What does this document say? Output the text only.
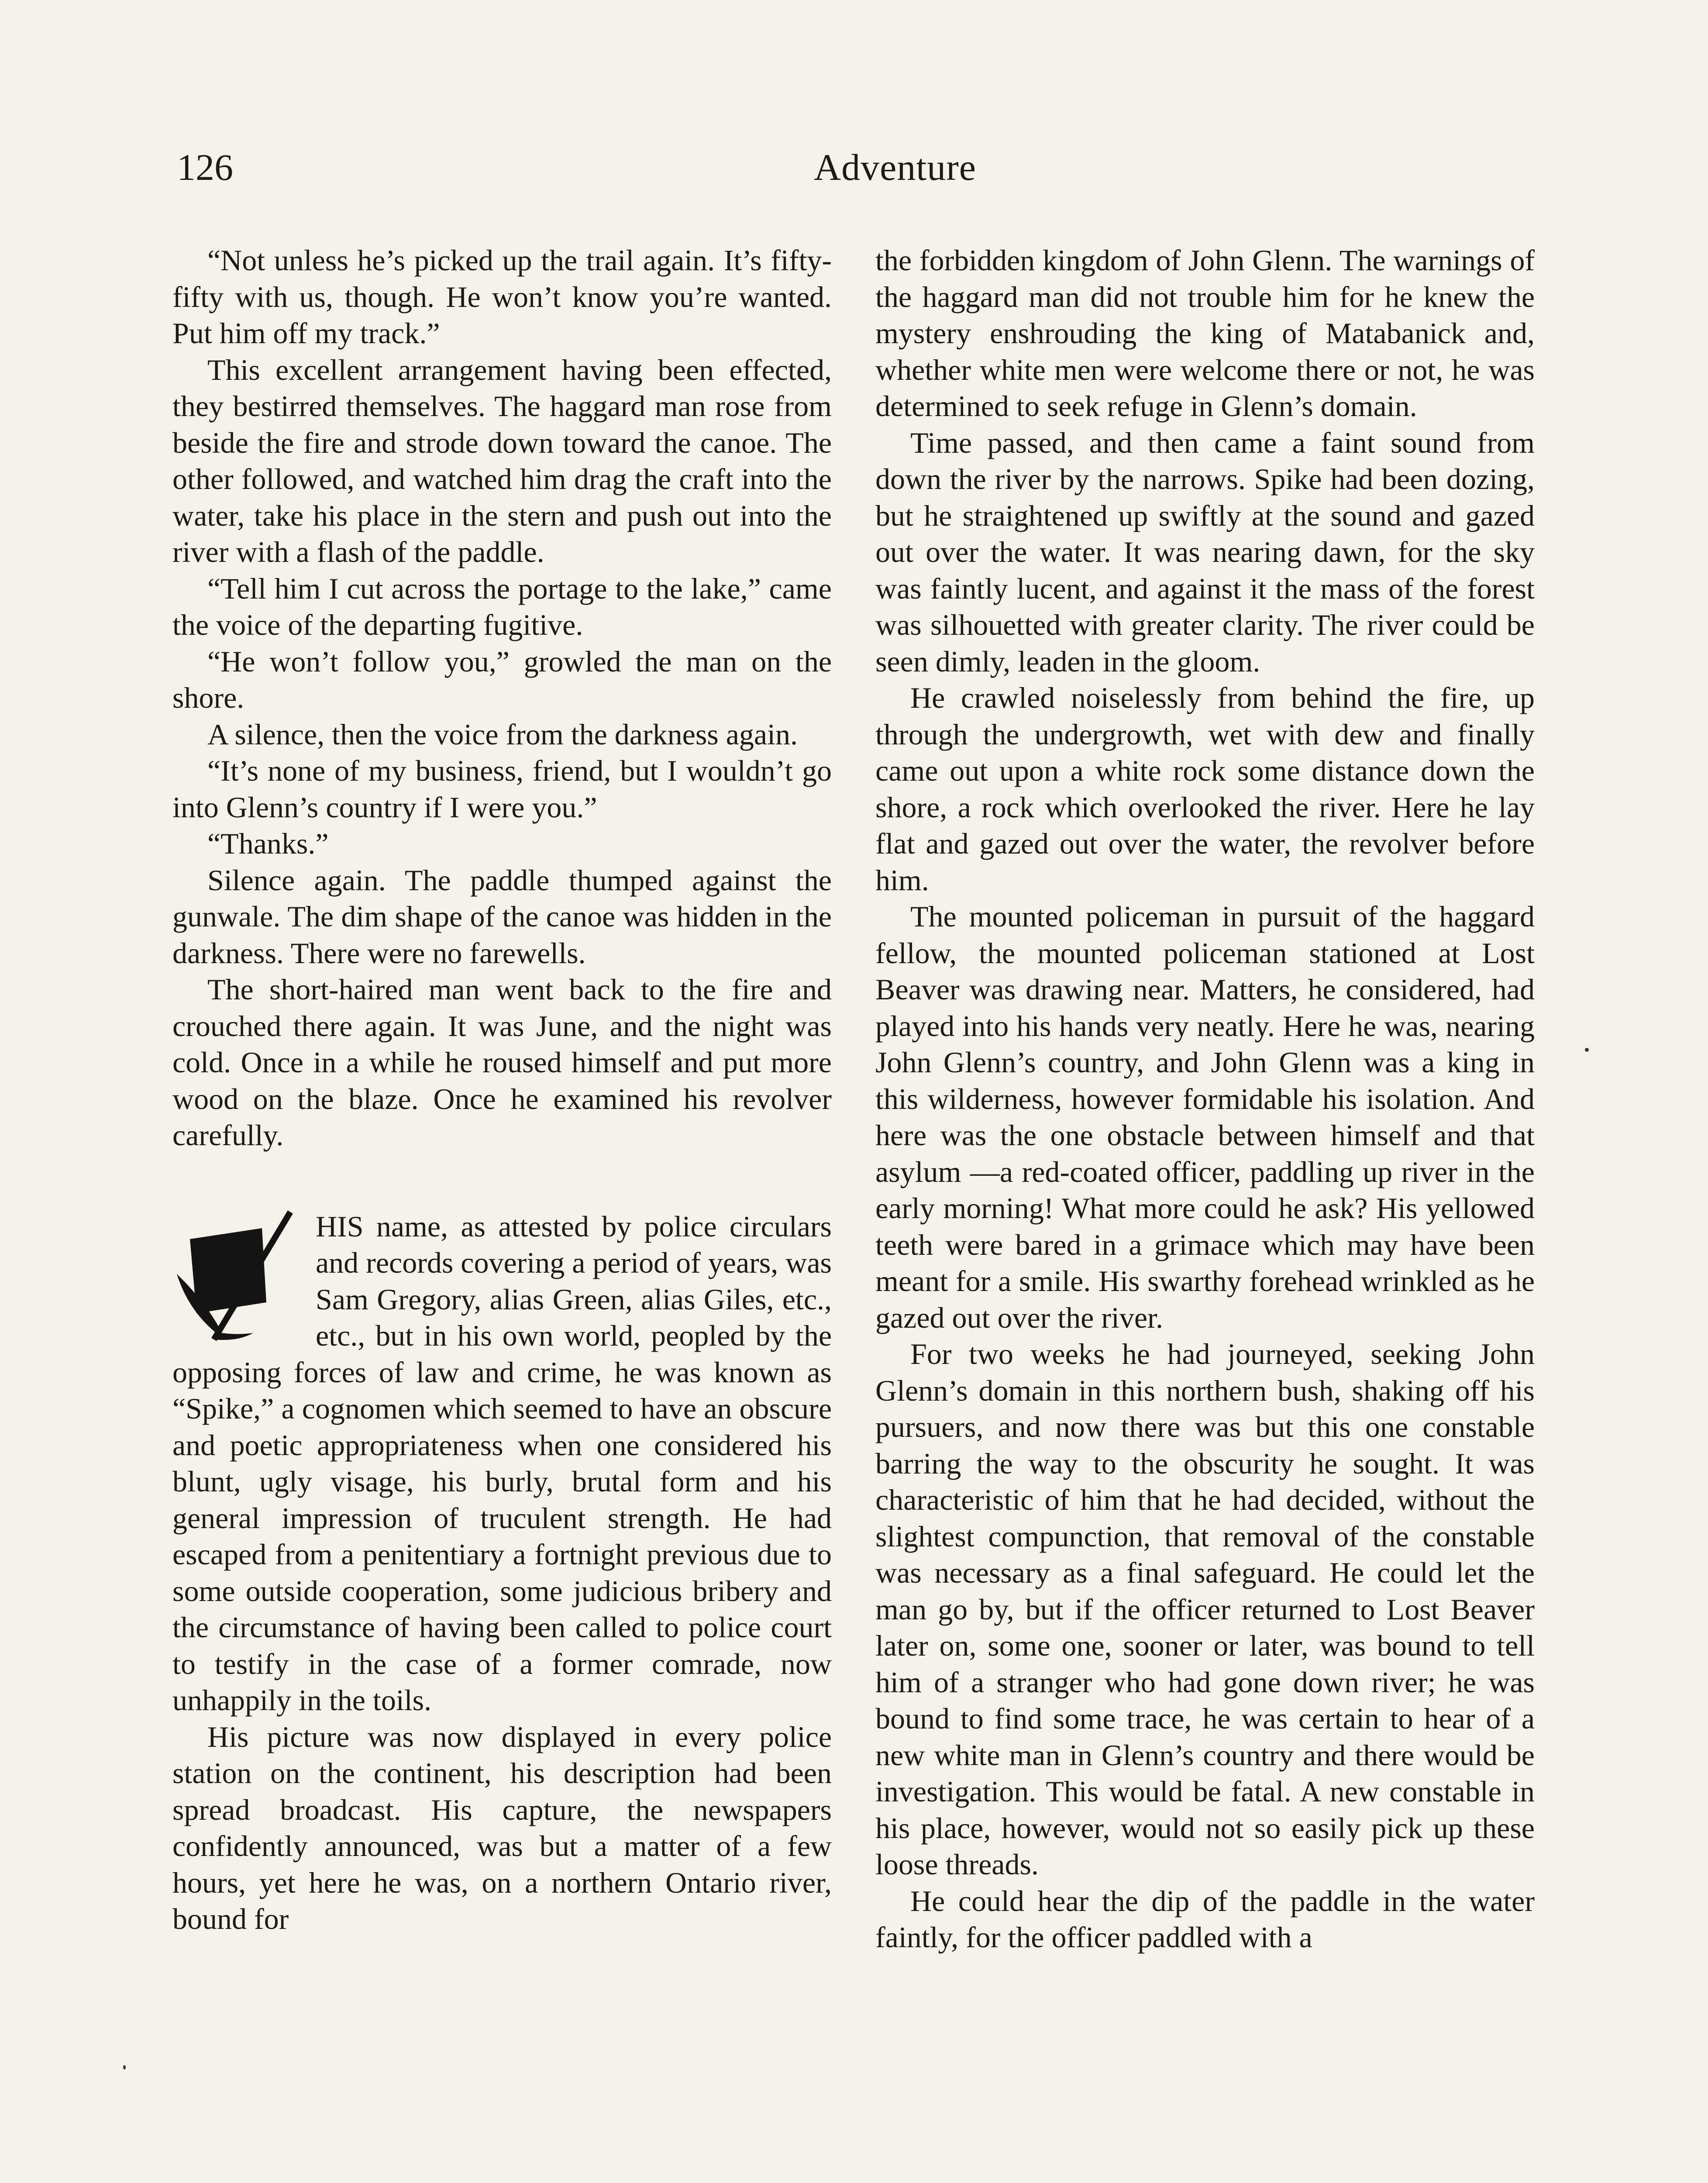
126	Adventure

“Not unless he’s picked up the trail again. It’s fifty-fifty with us, though. He won’t know you’re wanted. Put him off my track.”

This excellent arrangement having been effected, they bestirred themselves. The haggard man rose from beside the fire and strode down toward the canoe. The other followed, and watched him drag the craft into the water, take his place in the stern and push out into the river with a flash of the paddle.

“Tell him I cut across the portage to the lake,” came the voice of the departing fugitive.

“He won’t follow you,” growled the man on the shore.

A silence, then the voice from the darkness again.

“It’s none of my business, friend, but I wouldn’t go into Glenn’s country if I were you.”

“Thanks.”

Silence again. The paddle thumped against the gunwale. The dim shape of the canoe was hidden in the darkness. There were no farewells.

The short-haired man went back to the fire and crouched there again. It was June, and the night was cold. Once in a while he roused himself and put more wood on the blaze. Once he examined his revolver carefully.

HIS name, as attested by police circulars and records covering a period of years, was Sam Gregory, alias Green, alias Giles, etc., etc., but in his own world, peopled by the opposing forces of law and crime, he was known as “Spike,” a cognomen which seemed to have an obscure and poetic appropriateness when one considered his blunt, ugly visage, his burly, brutal form and his general impression of truculent strength. He had escaped from a penitentiary a fortnight previous due to some outside cooperation, some judicious bribery and the circumstance of having been called to police court to testify in the case of a former comrade, now unhappily in the toils.

His picture was now displayed in every police station on the continent, his description had been spread broadcast. His capture, the newspapers confidently announced, was but a matter of a few hours, yet here he was, on a northern Ontario river, bound for

the forbidden kingdom of John Glenn. The warnings of the haggard man did not trouble him for he knew the mystery enshrouding the king of Matabanick and, whether white men were welcome there or not, he was determined to seek refuge in Glenn’s domain.

Time passed, and then came a faint sound from down the river by the narrows. Spike had been dozing, but he straightened up swiftly at the sound and gazed out over the water. It was nearing dawn, for the sky was faintly lucent, and against it the mass of the forest was silhouetted with greater clarity. The river could be seen dimly, leaden in the gloom.

He crawled noiselessly from behind the fire, up through the undergrowth, wet with dew and finally came out upon a white rock some distance down the shore, a rock which overlooked the river. Here he lay flat and gazed out over the water, the revolver before him.

The mounted policeman in pursuit of the haggard fellow, the mounted policeman stationed at Lost Beaver was drawing near. Matters, he considered, had played into his hands very neatly. Here he was, nearing John Glenn’s country, and John Glenn was a king in this wilderness, however formidable his isolation. And here was the one obstacle between himself and that asylum —a red-coated officer, paddling up river in the early morning! What more could he ask? His yellowed teeth were bared in a grimace which may have been meant for a smile. His swarthy forehead wrinkled as he gazed out over the river.

For two weeks he had journeyed, seeking John Glenn’s domain in this northern bush, shaking off his pursuers, and now there was but this one constable barring the way to the obscurity he sought. It was characteristic of him that he had decided, without the slightest compunction, that removal of the constable was necessary as a final safeguard. He could let the man go by, but if the officer returned to Lost Beaver later on, some one, sooner or later, was bound to tell him of a stranger who had gone down river; he was bound to find some trace, he was certain to hear of a new white man in Glenn’s country and there would be investigation. This would be fatal. A new constable in his place, however, would not so easily pick up these loose threads.

He could hear the dip of the paddle in the water faintly, for the officer paddled with a
